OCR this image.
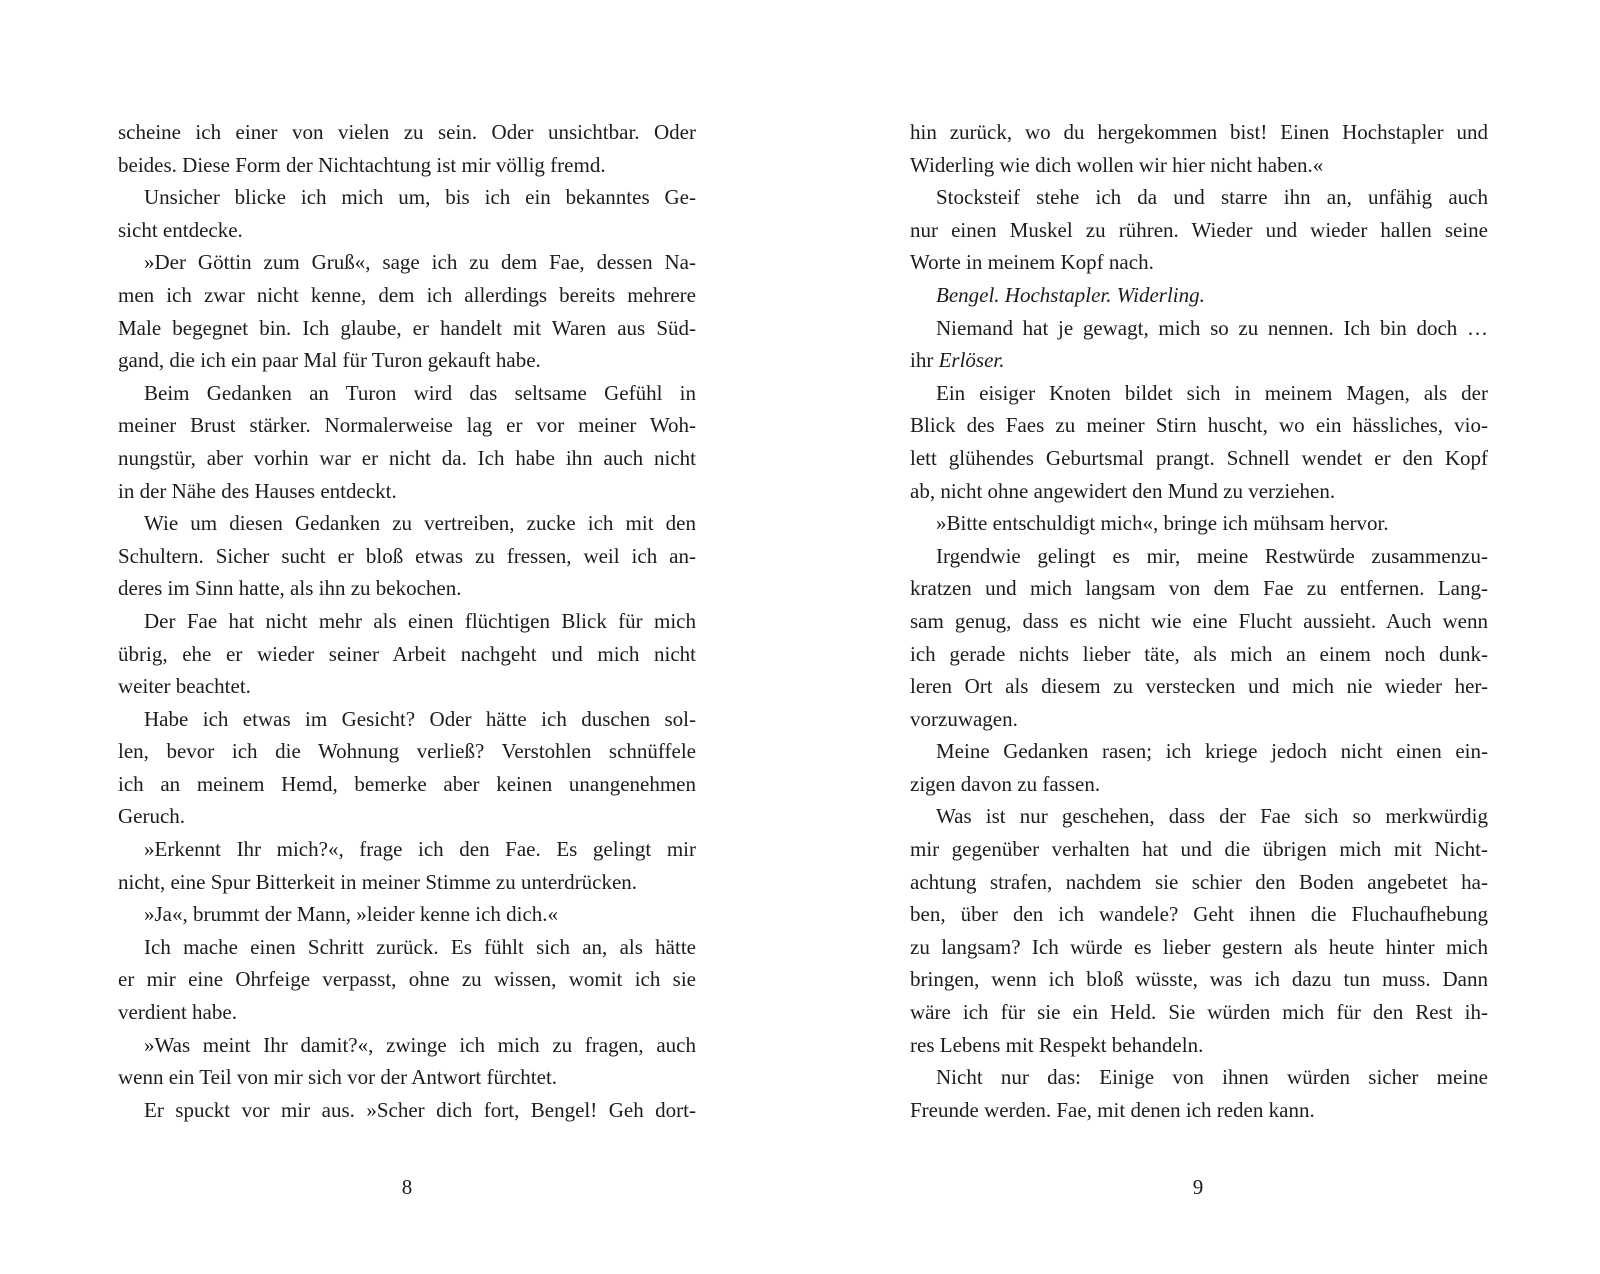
scheine ich einer von vielen zu sein. Oder unsichtbar. Oder
beides. Diese Form der Nichtachtung ist mir völlig fremd.
Unsicher blicke ich mich um, bis ich ein bekanntes Ge-
sicht entdecke.
»Der Göttin zum Gruß«, sage ich zu dem Fae, dessen Na-
men ich zwar nicht kenne, dem ich allerdings bereits mehrere
Male begegnet bin. Ich glaube, er handelt mit Waren aus Süd-
gand, die ich ein paar Mal für Turon gekauft habe.
Beim Gedanken an Turon wird das seltsame Gefühl in
meiner Brust stärker. Normalerweise lag er vor meiner Woh-
nungstür, aber vorhin war er nicht da. Ich habe ihn auch nicht
in der Nähe des Hauses entdeckt.
Wie um diesen Gedanken zu vertreiben, zucke ich mit den
Schultern. Sicher sucht er bloß etwas zu fressen, weil ich an-
deres im Sinn hatte, als ihn zu bekochen.
Der Fae hat nicht mehr als einen flüchtigen Blick für mich
übrig, ehe er wieder seiner Arbeit nachgeht und mich nicht
weiter beachtet.
Habe ich etwas im Gesicht? Oder hätte ich duschen sol-
len, bevor ich die Wohnung verließ? Verstohlen schnüffele
ich an meinem Hemd, bemerke aber keinen unangenehmen
Geruch.
»Erkennt Ihr mich?«, frage ich den Fae. Es gelingt mir
nicht, eine Spur Bitterkeit in meiner Stimme zu unterdrücken.
»Ja«, brummt der Mann, »leider kenne ich dich.«
Ich mache einen Schritt zurück. Es fühlt sich an, als hätte
er mir eine Ohrfeige verpasst, ohne zu wissen, womit ich sie
verdient habe.
»Was meint Ihr damit?«, zwinge ich mich zu fragen, auch
wenn ein Teil von mir sich vor der Antwort fürchtet.
Er spuckt vor mir aus. »Scher dich fort, Bengel! Geh dort-
hin zurück, wo du hergekommen bist! Einen Hochstapler und
Widerling wie dich wollen wir hier nicht haben.«
Stocksteif stehe ich da und starre ihn an, unfähig auch
nur einen Muskel zu rühren. Wieder und wieder hallen seine
Worte in meinem Kopf nach.
Bengel. Hochstapler. Widerling.
Niemand hat je gewagt, mich so zu nennen. Ich bin doch …
ihr Erlöser.
Ein eisiger Knoten bildet sich in meinem Magen, als der
Blick des Faes zu meiner Stirn huscht, wo ein hässliches, vio-
lett glühendes Geburtsmal prangt. Schnell wendet er den Kopf
ab, nicht ohne angewidert den Mund zu verziehen.
»Bitte entschuldigt mich«, bringe ich mühsam hervor.
Irgendwie gelingt es mir, meine Restwürde zusammenzu-
kratzen und mich langsam von dem Fae zu entfernen. Lang-
sam genug, dass es nicht wie eine Flucht aussieht. Auch wenn
ich gerade nichts lieber täte, als mich an einem noch dunk-
leren Ort als diesem zu verstecken und mich nie wieder her-
vorzuwagen.
Meine Gedanken rasen; ich kriege jedoch nicht einen ein-
zigen davon zu fassen.
Was ist nur geschehen, dass der Fae sich so merkwürdig
mir gegenüber verhalten hat und die übrigen mich mit Nicht-
achtung strafen, nachdem sie schier den Boden angebetet ha-
ben, über den ich wandele? Geht ihnen die Fluchaufhebung
zu langsam? Ich würde es lieber gestern als heute hinter mich
bringen, wenn ich bloß wüsste, was ich dazu tun muss. Dann
wäre ich für sie ein Held. Sie würden mich für den Rest ih-
res Lebens mit Respekt behandeln.
Nicht nur das: Einige von ihnen würden sicher meine
Freunde werden. Fae, mit denen ich reden kann.
8	9
